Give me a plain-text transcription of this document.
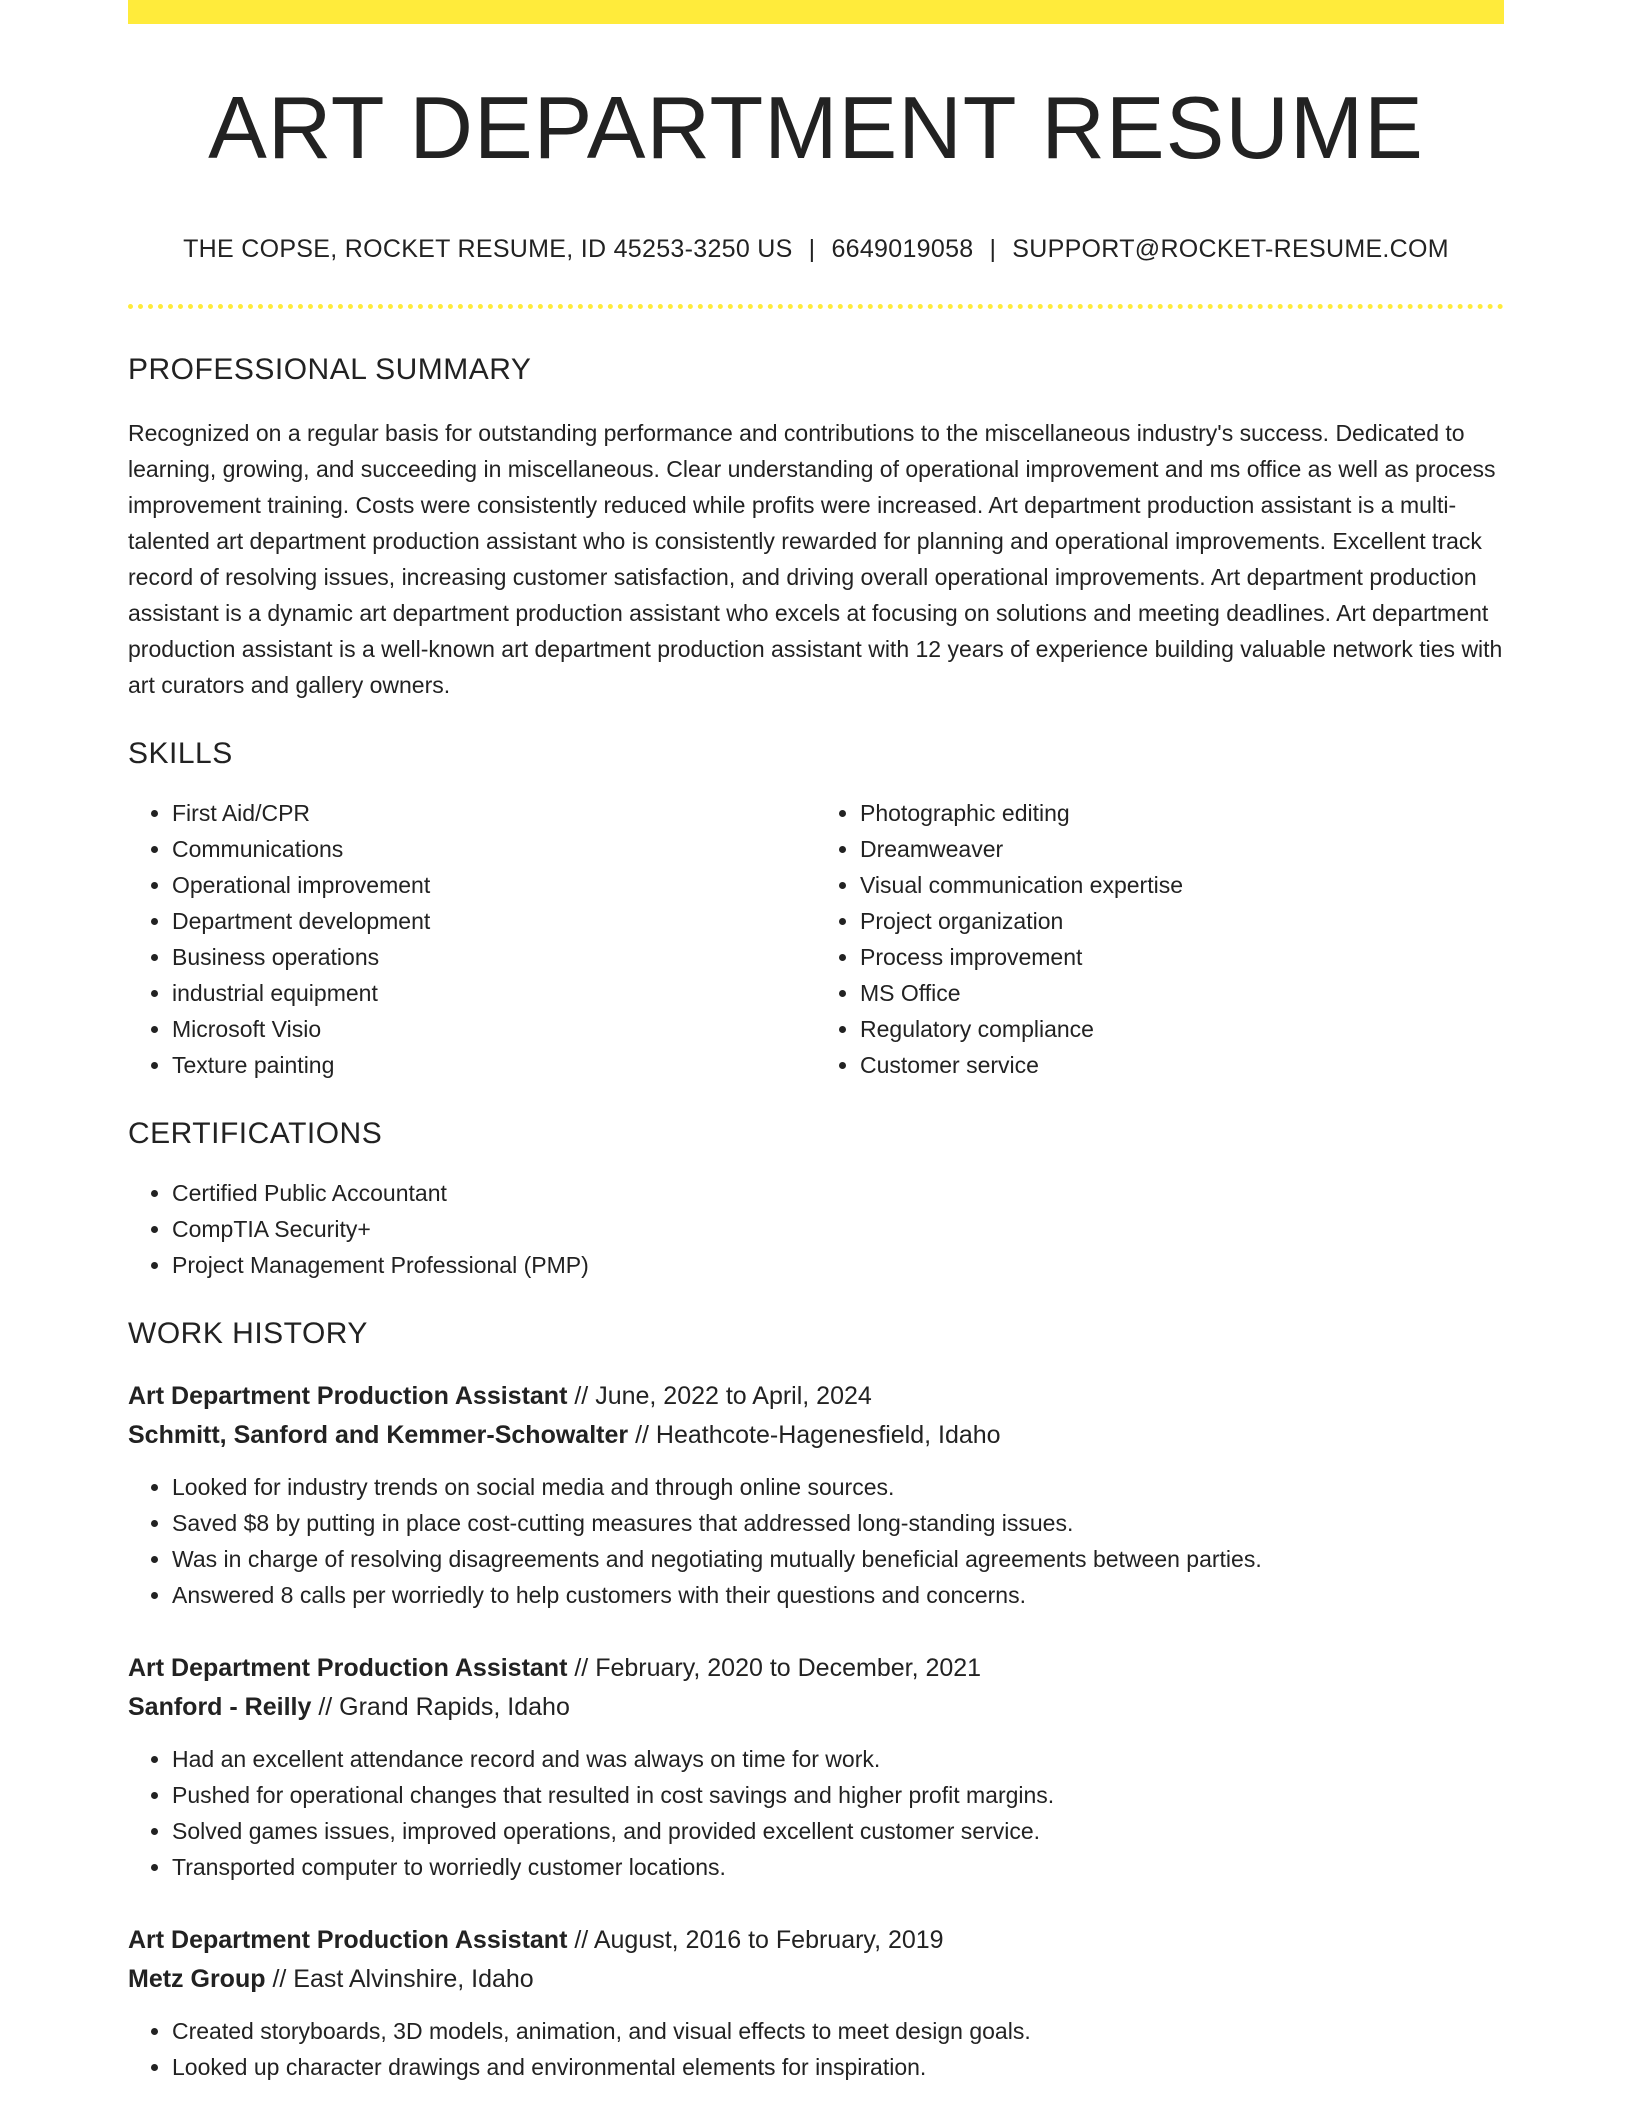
ART DEPARTMENT RESUME
THE COPSE, ROCKET RESUME, ID 45253-3250 US | 6649019058 | SUPPORT@ROCKET-RESUME.COM
PROFESSIONAL SUMMARY

Recognized on a regular basis for outstanding performance and contributions to the miscellaneous industry's success. Dedicated to learning, growing, and succeeding in miscellaneous. Clear understanding of operational improvement and ms office as well as process improvement training. Costs were consistently reduced while profits were increased. Art department production assistant is a multi-talented art department production assistant who is consistently rewarded for planning and operational improvements. Excellent track record of resolving issues, increasing customer satisfaction, and driving overall operational improvements. Art department production assistant is a dynamic art department production assistant who excels at focusing on solutions and meeting deadlines. Art department production assistant is a well-known art department production assistant with 12 years of experience building valuable network ties with art curators and gallery owners.

SKILLS
• First Aid/CPR
• Communications
• Operational improvement
• Department development
• Business operations
• industrial equipment
• Microsoft Visio
• Texture painting
• Photographic editing
• Dreamweaver
• Visual communication expertise
• Project organization
• Process improvement
• MS Office
• Regulatory compliance
• Customer service
CERTIFICATIONS
• Certified Public Accountant
• CompTIA Security+
• Project Management Professional (PMP)
WORK HISTORY
Art Department Production Assistant // June, 2022 to April, 2024
Schmitt, Sanford and Kemmer-Schowalter // Heathcote-Hagenesfield, Idaho
• Looked for industry trends on social media and through online sources.
• Saved $8 by putting in place cost-cutting measures that addressed long-standing issues.
• Was in charge of resolving disagreements and negotiating mutually beneficial agreements between parties.
• Answered 8 calls per worriedly to help customers with their questions and concerns.
Art Department Production Assistant // February, 2020 to December, 2021
Sanford - Reilly // Grand Rapids, Idaho
• Had an excellent attendance record and was always on time for work.
• Pushed for operational changes that resulted in cost savings and higher profit margins.
• Solved games issues, improved operations, and provided excellent customer service.
• Transported computer to worriedly customer locations.
Art Department Production Assistant // August, 2016 to February, 2019
Metz Group // East Alvinshire, Idaho
• Created storyboards, 3D models, animation, and visual effects to meet design goals.
• Looked up character drawings and environmental elements for inspiration.
